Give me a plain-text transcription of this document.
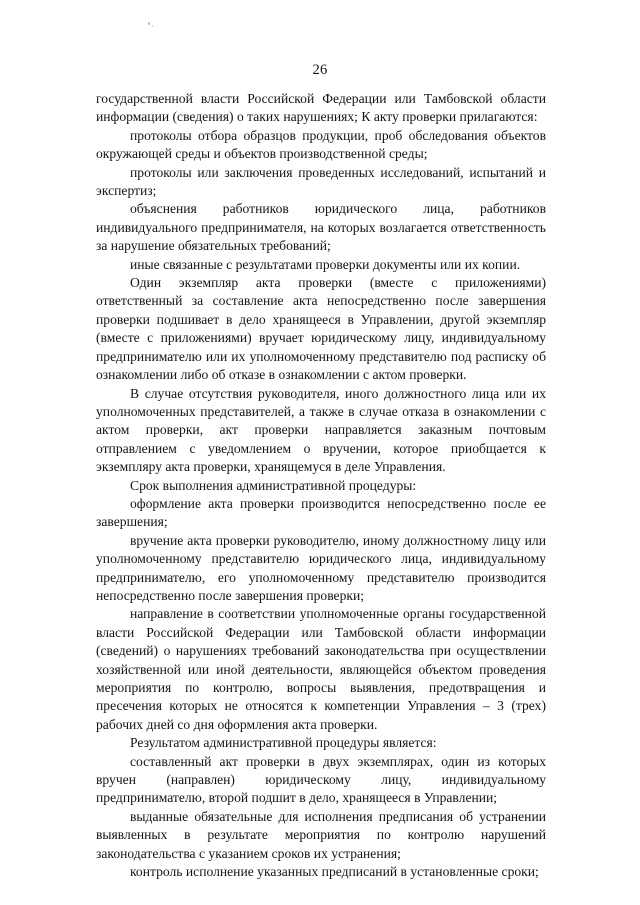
26

государственной власти Российской Федерации или Тамбовской области информации (сведения) о таких нарушениях; К акту проверки прилагаются:

протоколы отбора образцов продукции, проб обследования объектов окружающей среды и объектов производственной среды;

протоколы или заключения проведенных исследований, испытаний и экспертиз;

объяснения работников юридического лица, работников индивидуального предпринимателя, на которых возлагается ответственность за нарушение обязательных требований;

иные связанные с результатами проверки документы или их копии.

Один экземпляр акта проверки (вместе с приложениями) ответственный за составление акта непосредственно после завершения проверки подшивает в дело хранящееся в Управлении, другой экземпляр (вместе с приложениями) вручает юридическому лицу, индивидуальному предпринимателю или их уполномоченному представителю под расписку об ознакомлении либо об отказе в ознакомлении с актом проверки.

В случае отсутствия руководителя, иного должностного лица или их уполномоченных представителей, а также в случае отказа в ознакомлении с актом проверки, акт проверки направляется заказным почтовым отправлением с уведомлением о вручении, которое приобщается к экземпляру акта проверки, хранящемуся в деле Управления.

Срок выполнения административной процедуры:

оформление акта проверки производится непосредственно после ее завершения;

вручение акта проверки руководителю, иному должностному лицу или уполномоченному представителю юридического лица, индивидуальному предпринимателю, его уполномоченному представителю производится непосредственно после завершения проверки;

направление в соответствии уполномоченные органы государственной власти Российской Федерации или Тамбовской области информации (сведений) о нарушениях требований законодательства при осуществлении хозяйственной или иной деятельности, являющейся объектом проведения мероприятия по контролю, вопросы выявления, предотвращения и пресечения которых не относятся к компетенции Управления – 3 (трех) рабочих дней со дня оформления акта проверки.

Результатом административной процедуры является:

составленный акт проверки в двух экземплярах, один из которых вручен (направлен) юридическому лицу, индивидуальному предпринимателю, второй подшит в дело, хранящееся в Управлении;

выданные обязательные для исполнения предписания об устранении выявленных в результате мероприятия по контролю нарушений законодательства с указанием сроков их устранения;

контроль исполнение указанных предписаний в установленные сроки;
